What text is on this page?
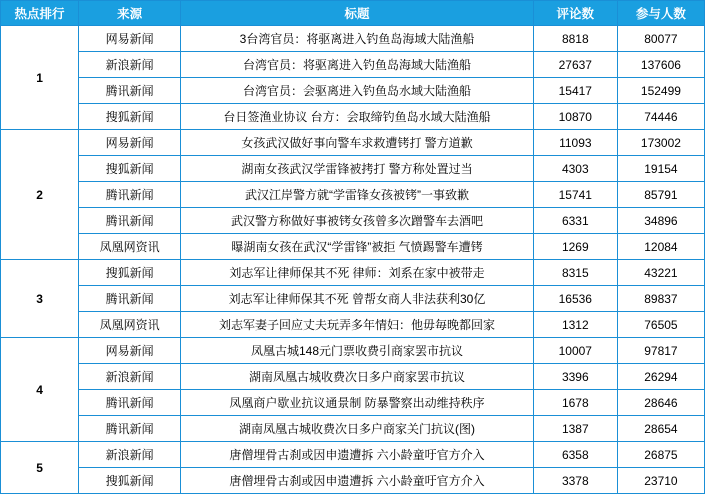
热点排行	来源	标题	评论数	参与人数
1	网易新闻	3台湾官员：将驱离进入钓鱼岛海域大陆渔船	8818	80077
	新浪新闻	台湾官员：将驱离进入钓鱼岛海域大陆渔船	27637	137606
	腾讯新闻	台湾官员：会驱离进入钓鱼岛水域大陆渔船	15417	152499
	搜狐新闻	台日签渔业协议 台方：会取缔钓鱼岛水域大陆渔船	10870	74446
2	网易新闻	女孩武汉做好事向警车求救遭铐打 警方道歉	11093	173002
	搜狐新闻	湖南女孩武汉学雷锋被拷打 警方称处置过当	4303	19154
	腾讯新闻	武汉江岸警方就“学雷锋女孩被铐”一事致歉	15741	85791
	腾讯新闻	武汉警方称做好事被铐女孩曾多次蹭警车去酒吧	6331	34896
	凤凰网资讯	曝湖南女孩在武汉“学雷锋”被拒 气愤踢警车遭铐	1269	12084
3	搜狐新闻	刘志军让律师保其不死 律师：刘系在家中被带走	8315	43221
	腾讯新闻	刘志军让律师保其不死 曾帮女商人非法获利30亿	16536	89837
	凤凰网资讯	刘志军妻子回应丈夫玩弄多年情妇：他毋毎晚都回家	1312	76505
4	网易新闻	凤凰古城148元门票收费引商家罢市抗议	10007	97817
	新浪新闻	湖南凤凰古城收费次日多户商家罢市抗议	3396	26294
	腾讯新闻	凤凰商户歇业抗议通景制 防暴警察出动维持秩序	1678	28646
	腾讯新闻	湖南凤凰古城收费次日多户商家关门抗议(图)	1387	28654
5	新浪新闻	唐僧埋骨古刹或因申遗遭拆 六小龄童吁官方介入	6358	26875
	搜狐新闻	唐僧埋骨古刹或因申遗遭拆 六小龄童吁官方介入	3378	23710
